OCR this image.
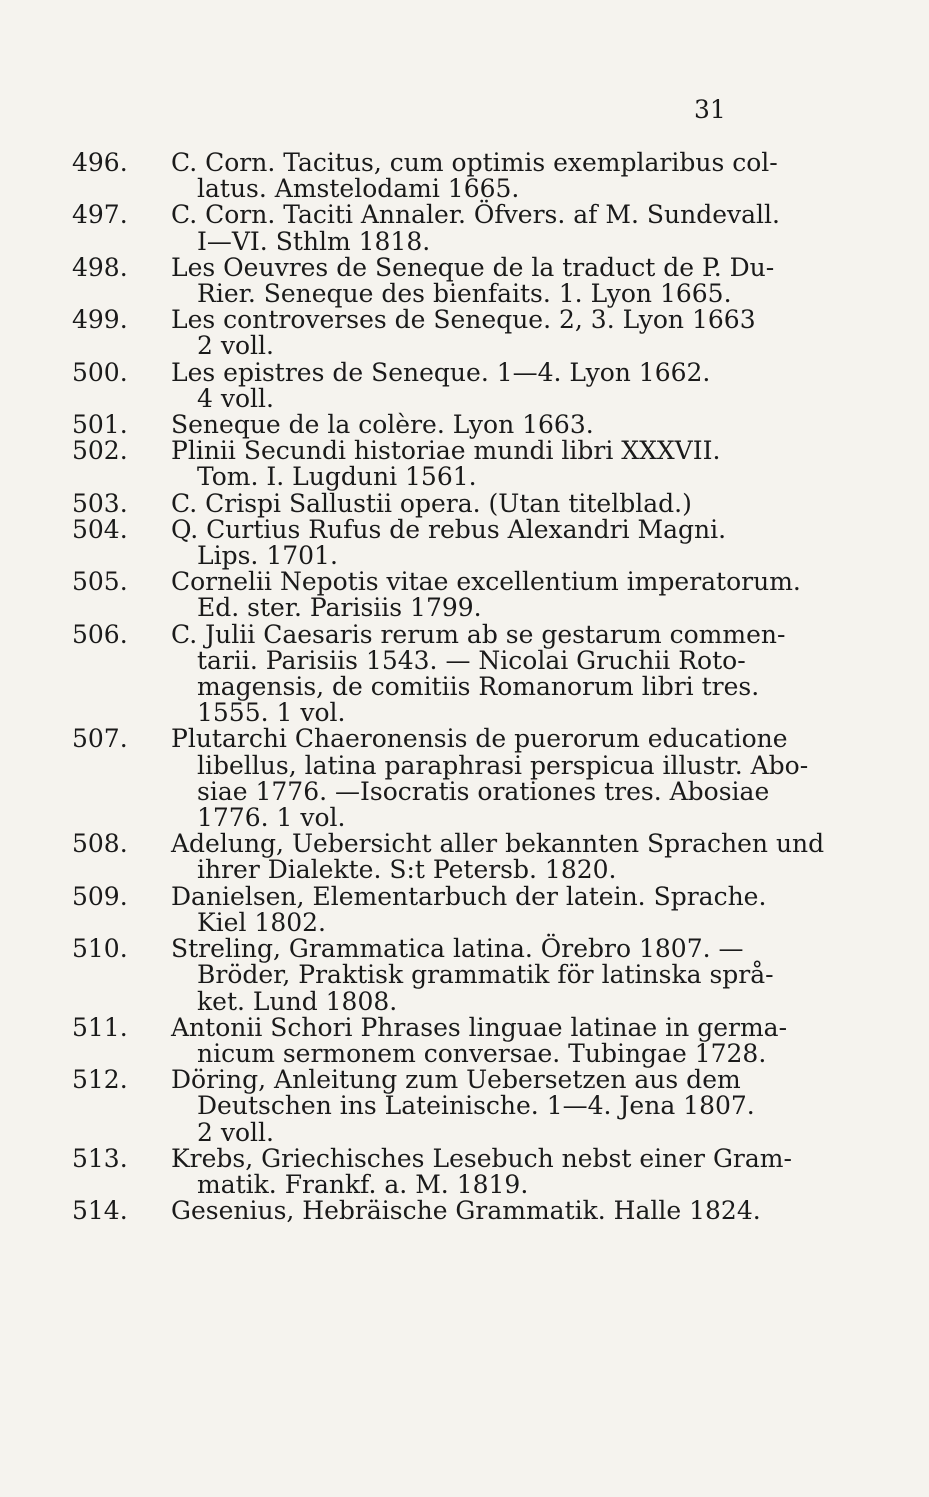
31
496.	C. Corn. Tacitus, cum optimis exemplaribus col-
latus. Amstelodami 1665.
497.	C. Corn. Taciti Annaler. Öfvers. af M. Sundevall.
I—VI. Sthlm 1818.
498.	Les Oeuvres de Seneque de la traduct de P. Du-
Rier. Seneque des bienfaits. 1. Lyon 1665.
499.	Les controverses de Seneque. 2, 3. Lyon 1663
2 voll.
500.	Les epistres de Seneque. 1—4. Lyon 1662.
4 voll.
501.	Seneque de la colère. Lyon 1663.
502.	Plinii Secundi historiae mundi libri XXXVII.
Tom. I. Lugduni 1561.
503.	C. Crispi Sallustii opera. (Utan titelblad.)
504.	Q. Curtius Rufus de rebus Alexandri Magni.
Lips. 1701.
505.	Cornelii Nepotis vitae excellentium imperatorum.
Ed. ster. Parisiis 1799.
506.	C. Julii Caesaris rerum ab se gestarum commen-
tarii. Parisiis 1543. — Nicolai Gruchii Roto-
magensis, de comitiis Romanorum libri tres.
1555. 1 vol.
507.	Plutarchi Chaeronensis de puerorum educatione
libellus, latina paraphrasi perspicua illustr. Abo-
siae 1776. —Isocratis orationes tres. Abosiae
1776. 1 vol.
508.	Adelung, Uebersicht aller bekannten Sprachen und
ihrer Dialekte. S:t Petersb. 1820.
509.	Danielsen, Elementarbuch der latein. Sprache.
Kiel 1802.
510.	Streling, Grammatica latina. Örebro 1807. —
Bröder, Praktisk grammatik för latinska språ-
ket. Lund 1808.
511.	Antonii Schori Phrases linguae latinae in germa-
nicum sermonem conversae. Tubingae 1728.
512.	Döring, Anleitung zum Uebersetzen aus dem
Deutschen ins Lateinische. 1—4. Jena 1807.
2 voll.
513.	Krebs, Griechisches Lesebuch nebst einer Gram-
matik. Frankf. a. M. 1819.
514.	Gesenius, Hebräische Grammatik. Halle 1824.
